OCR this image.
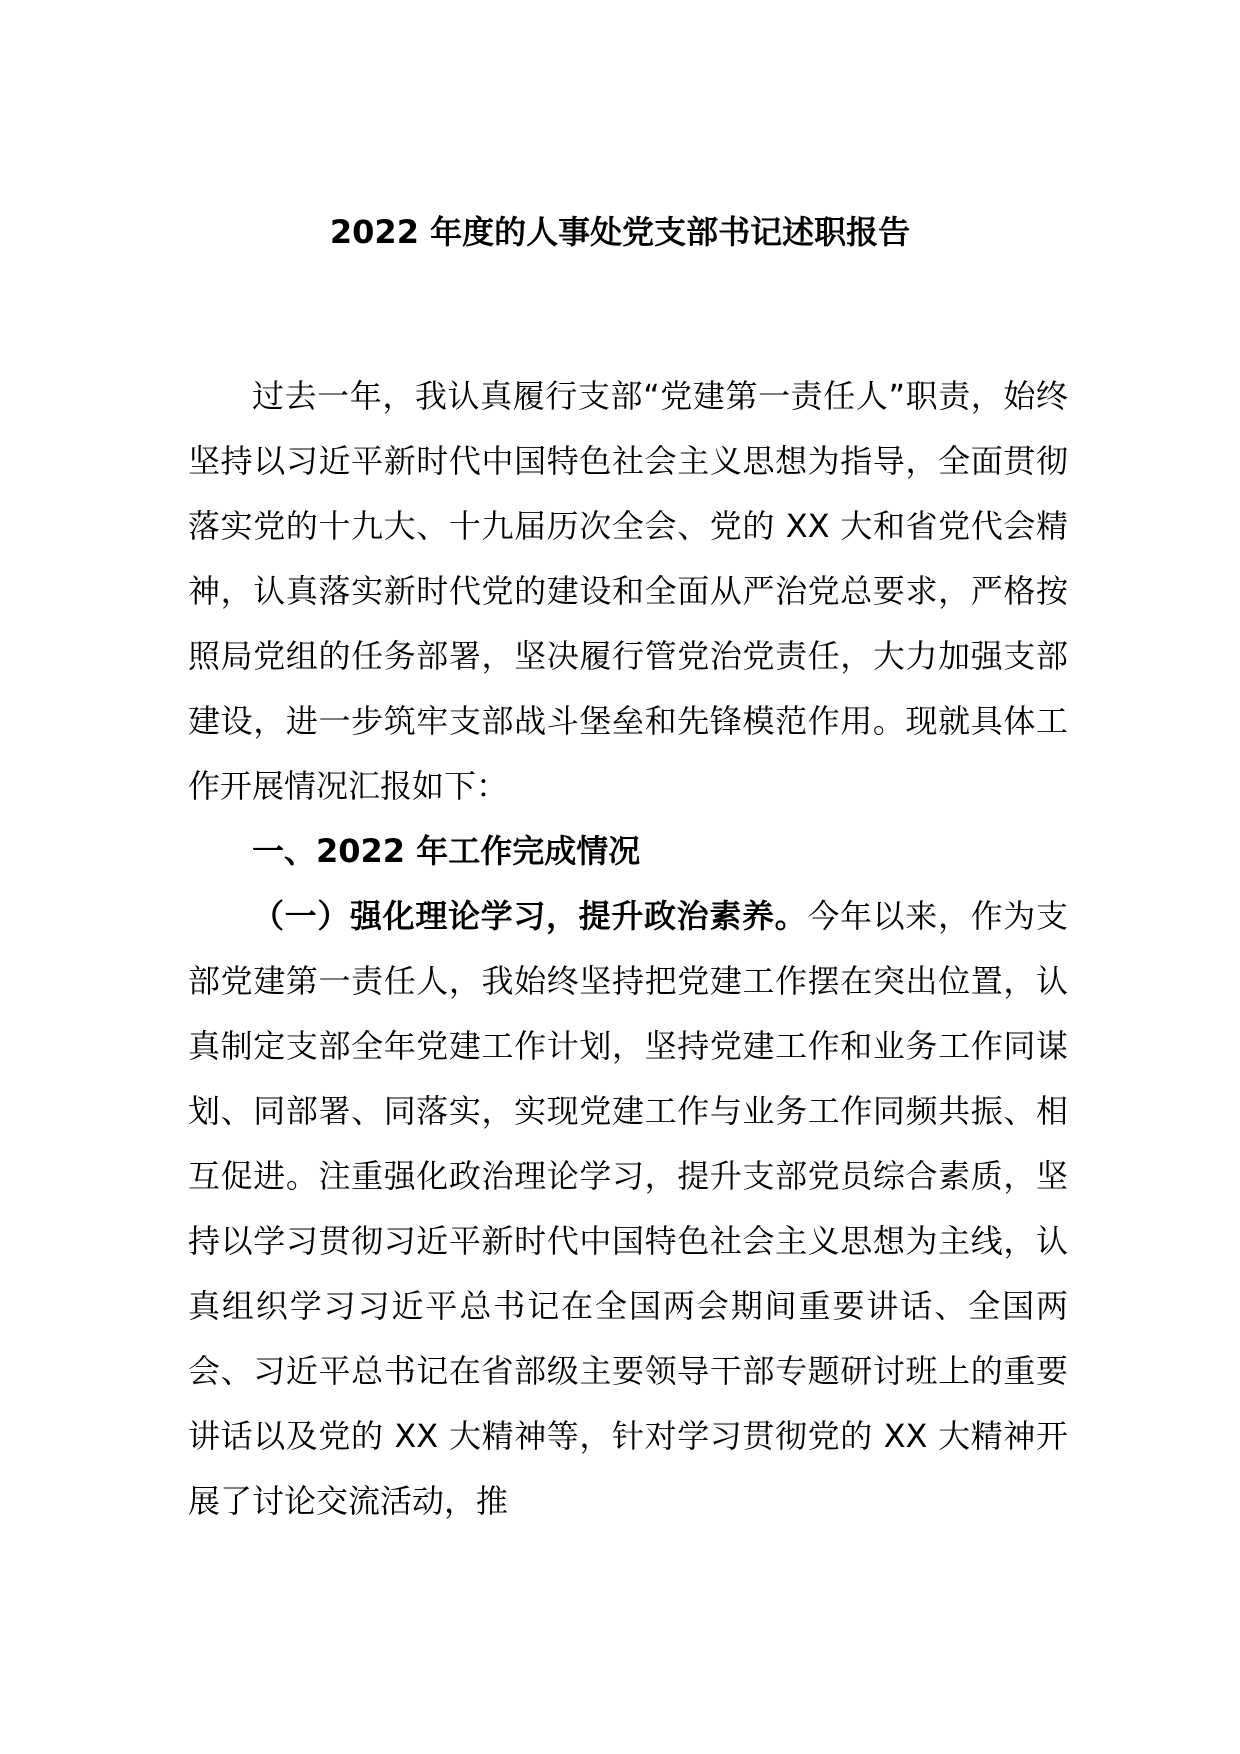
2022 年度的人事处党支部书记述职报告

过去一年，我认真履行支部“党建第一责任人”职责，始终坚持以习近平新时代中国特色社会主义思想为指导，全面贯彻落实党的十九大、十九届历次全会、党的 XX 大和省党代会精神，认真落实新时代党的建设和全面从严治党总要求，严格按照局党组的任务部署，坚决履行管党治党责任，大力加强支部建设，进一步筑牢支部战斗堡垒和先锋模范作用。现就具体工作开展情况汇报如下：

一、2022 年工作完成情况

（一）强化理论学习，提升政治素养。今年以来，作为支部党建第一责任人，我始终坚持把党建工作摆在突出位置，认真制定支部全年党建工作计划，坚持党建工作和业务工作同谋划、同部署、同落实，实现党建工作与业务工作同频共振、相互促进。注重强化政治理论学习，提升支部党员综合素质，坚持以学习贯彻习近平新时代中国特色社会主义思想为主线，认真组织学习习近平总书记在全国两会期间重要讲话、全国两会、习近平总书记在省部级主要领导干部专题研讨班上的重要讲话以及党的 XX 大精神等，针对学习贯彻党的 XX 大精神开展了讨论交流活动，推
